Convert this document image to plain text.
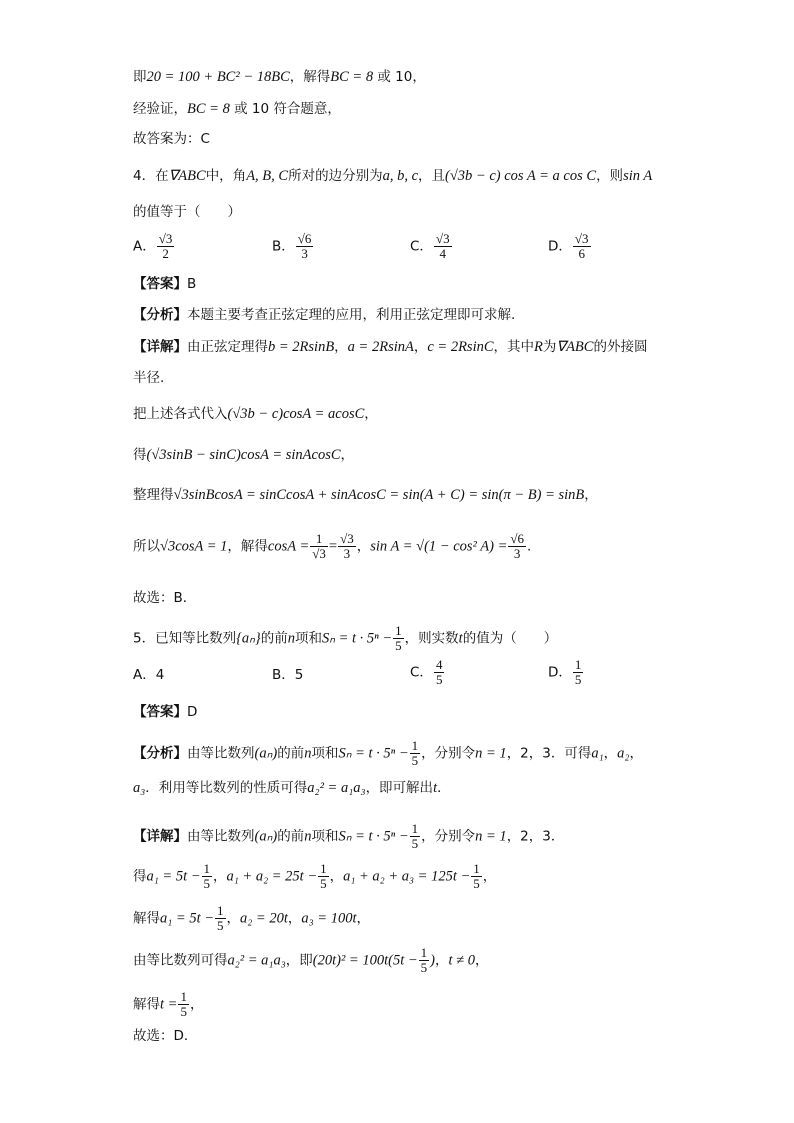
即20 = 100 + BC² − 18BC，解得BC = 8 或 10，
经验证，BC = 8 或 10 符合题意，
故答案为：C
4．在∇ABC中，角A, B, C所对的边分别为a, b, c，且(√3b − c) cos A = a cos C，则sin A
的值等于（　　）
A． $\frac{√3}{2}$	B． $\frac{√6}{3}$	C． $\frac{√3}{4}$	D． $\frac{√3}{6}$
【答案】B
【分析】本题主要考查正弦定理的应用，利用正弦定理即可求解.
【详解】由正弦定理得b = 2RsinB，a = 2RsinA，c = 2RsinC，其中R为∇ABC的外接圆
半径.
把上述各式代入(√3b − c)cosA = acosC，
得(√3sinB − sinC)cosA = sinAcosC，
整理得√3sinBcosA = sinCcosA + sinAcosC = sin(A + C) = sin(π − B) = sinB，
所以√3cosA = 1，解得$\cos A = \frac{1}{√3} = \frac{√3}{3}$ ，sin A = √(1 − cos² $A) = \frac{√6}{3}$ .
故选：B．
5．已知等比数列{aₙ}的前n项和$S_n = t \cdot 5^n - \frac{1}{5}$ ，则实数t的值为（　　）
A．4	B．5	C． $\frac{4}{5}$	D． $\frac{1}{5}$
【答案】D
【分析】由等比数列(aₙ)的前n项和$S_n = t \cdot 5^n - \frac{1}{5}$ ，分别令n = 1，2，3．可得a₁，a₂，
a₃．利用等比数列的性质可得a₂² = a₁a₃，即可解出t．
【详解】由等比数列(aₙ)的前n项和$S_n = t \cdot 5^n - \frac{1}{5}$ ，分别令n = 1，2，3．
得$a_1 = 5t - \frac{1}{5}$ ，$a_1 + a_2 = 25t - \frac{1}{5}$ ，$a_1 + a_2 + a_3 = 125t - \frac{1}{5}$ ，
解得$a_1 = 5t - \frac{1}{5}$ ，a₂ = 20t，a₃ = 100t，
由等比数列可得a₂² = a₁a₃，即$(20t)^2 = 100t(5t - \frac{1}{5}$ )，t ≠ 0，
解得$t = \frac{1}{5}$ ，
故选：D．
